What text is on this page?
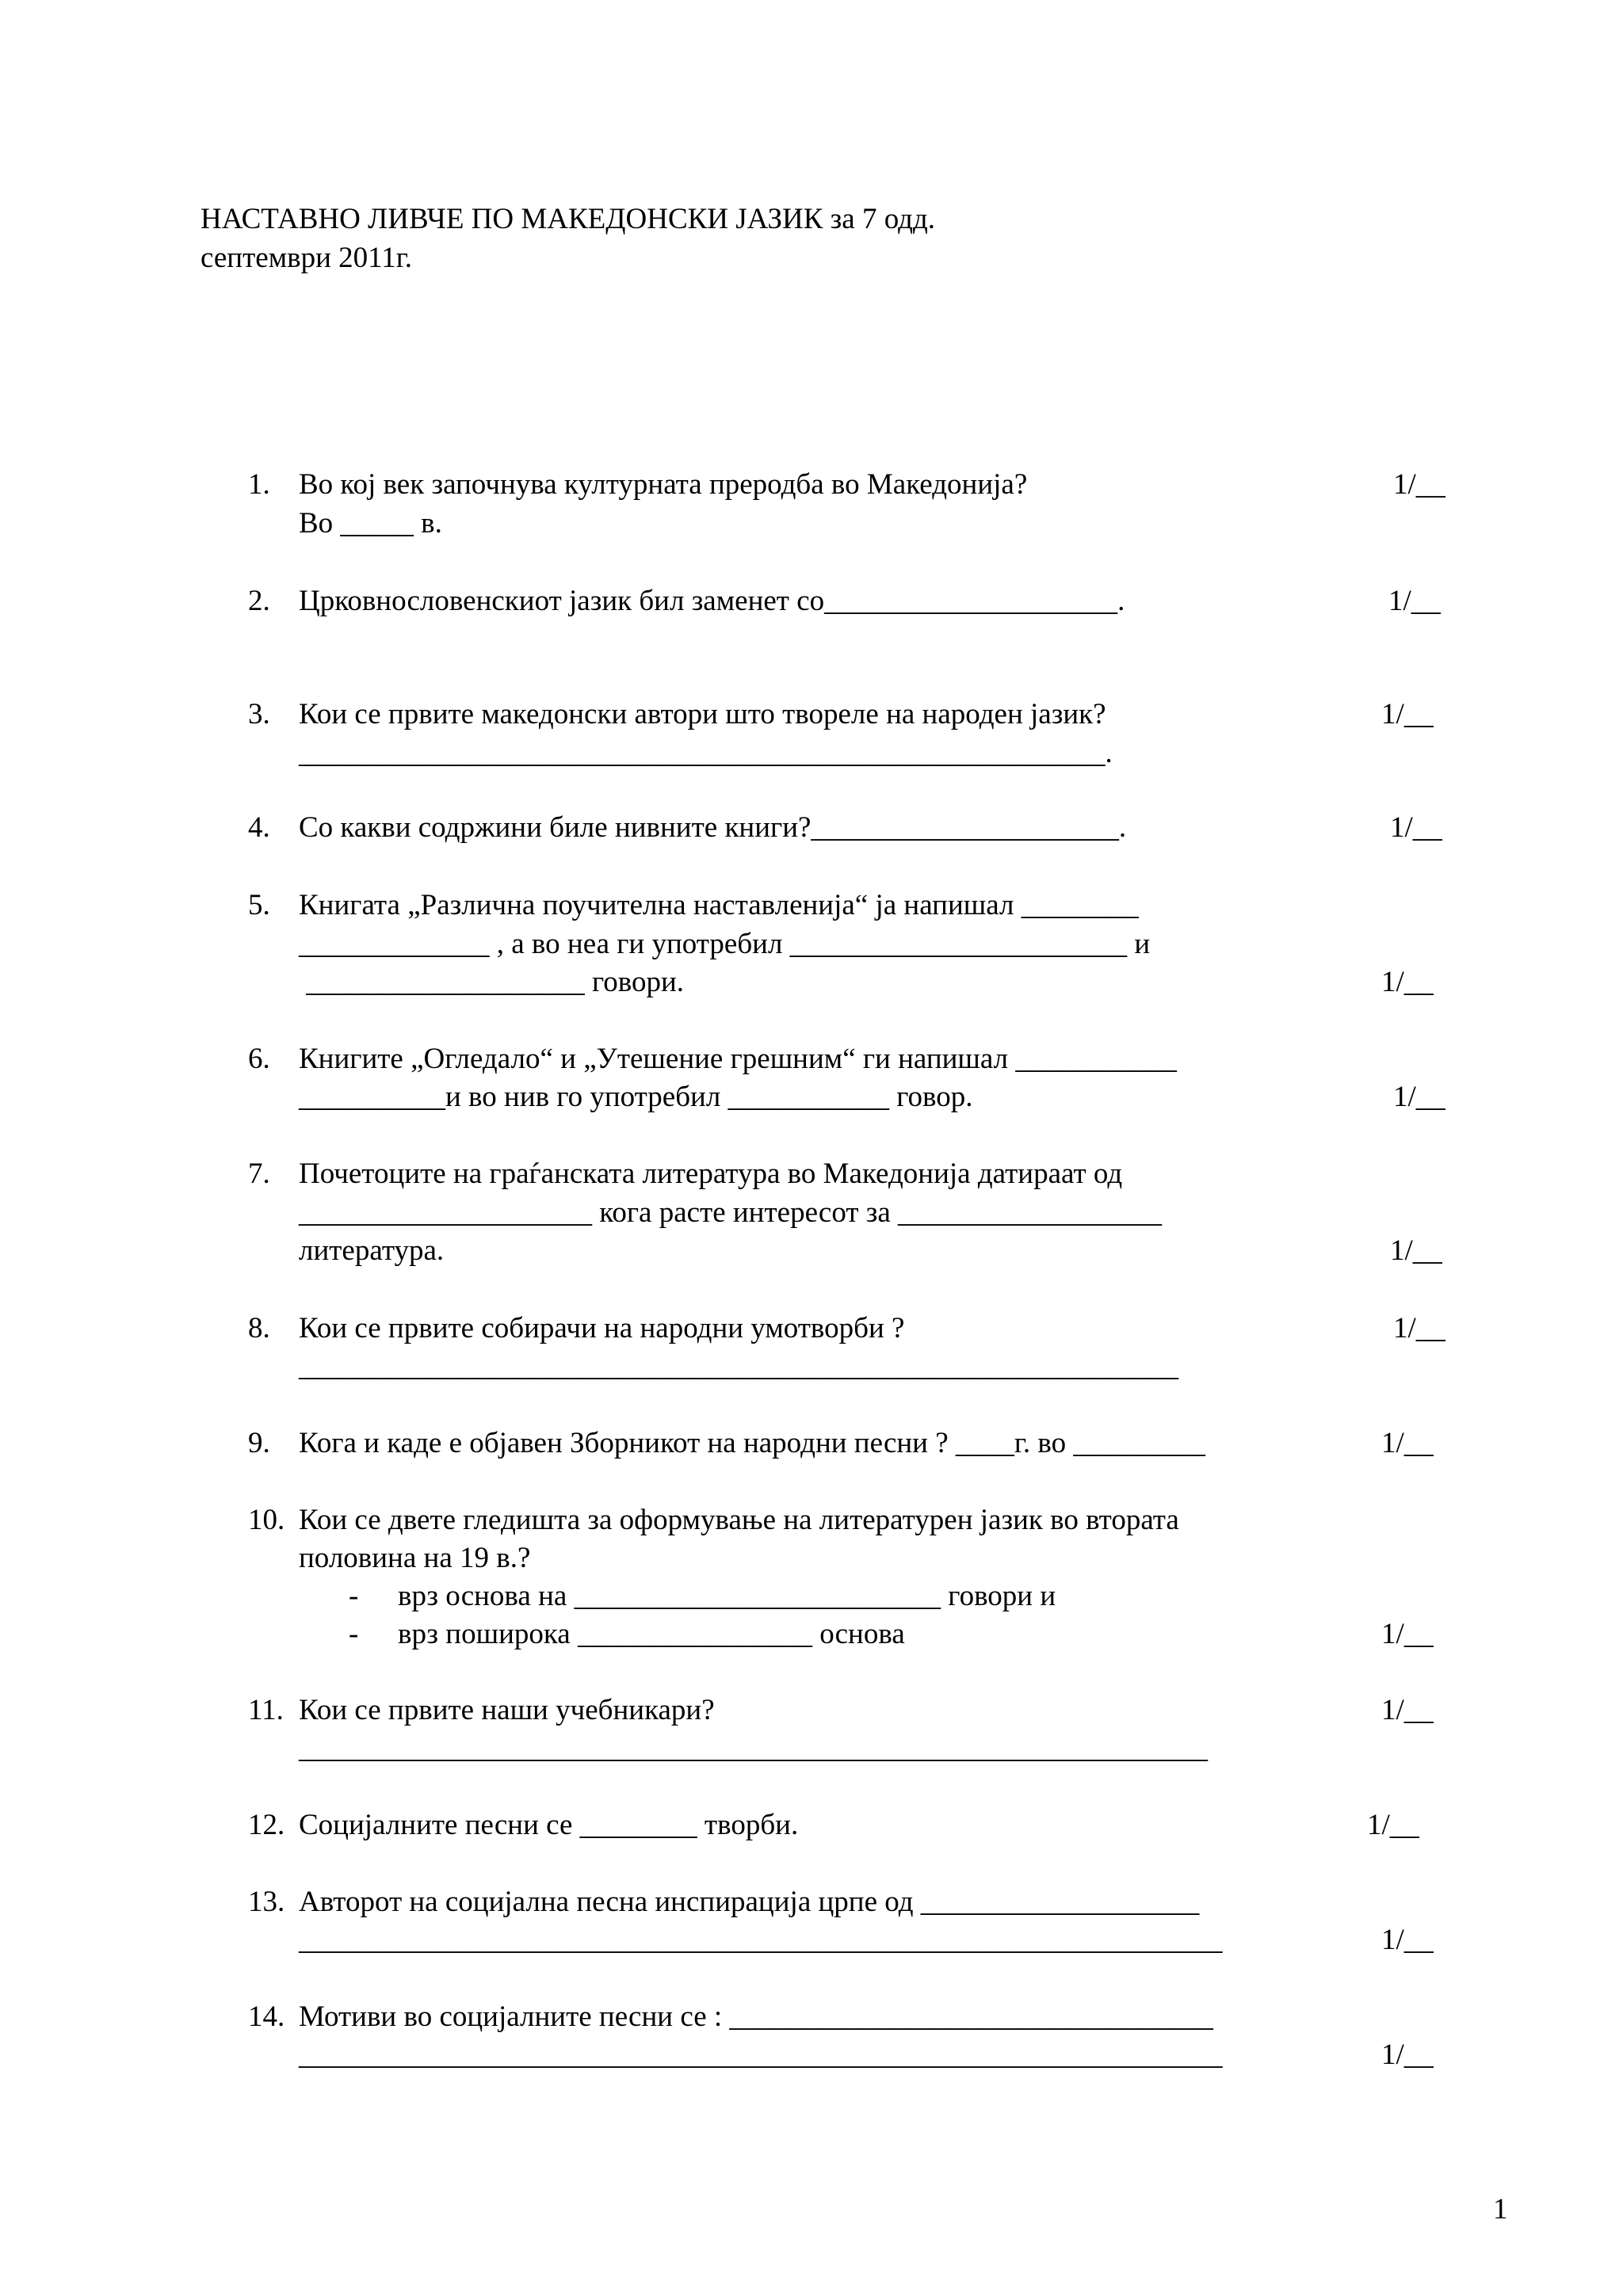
НАСТАВНО ЛИВЧЕ ПО МАКЕДОНСКИ ЈАЗИК за 7 одд.
септември 2011г.
1. Во кој век започнува културната преродба во Македонија?
Во _____ в.
1/__
2. Црковнословенскиот јазик бил заменет со____________________.	1/__
3. Кои се првите македонски автори што твореле на народен јазик?
_______________________________________________________.
1/__
4. Со какви содржини биле нивните книги?_____________________.	1/__
5. Книгата „Различна поучителна наставленија“ ја напишал ________
_____________ , а во неа ги употребил _______________________ и
___________________ говори.	1/__
6. Книгите „Огледало“ и „Утешение грешним“ ги напишал ___________
__________и во нив го употребил ___________ говор.	1/__
7. Почетоците на граѓанската литература во Македонија датираат од
____________________ кога расте интересот за __________________
литература.	1/__
8. Кои се првите собирачи на народни умотворби ?
____________________________________________________________
1/__
9. Кога и каде е објавен Зборникот на народни песни ? ____г. во _________	1/__
10. Кои се двете гледишта за оформување на литературен јазик во втората
половина на 19 в.?
- врз основа на _________________________ говори и
- врз поширока ________________ основа	1/__
11. Кои се првите наши учебникари?
______________________________________________________________
1/__
12. Социјалните песни се ________ творби.	1/__
13. Авторот на социјална песна инспирација црпе од ___________________
_______________________________________________________________	1/__
14. Мотиви во социјалните песни се : _________________________________
_______________________________________________________________	1/__
1
